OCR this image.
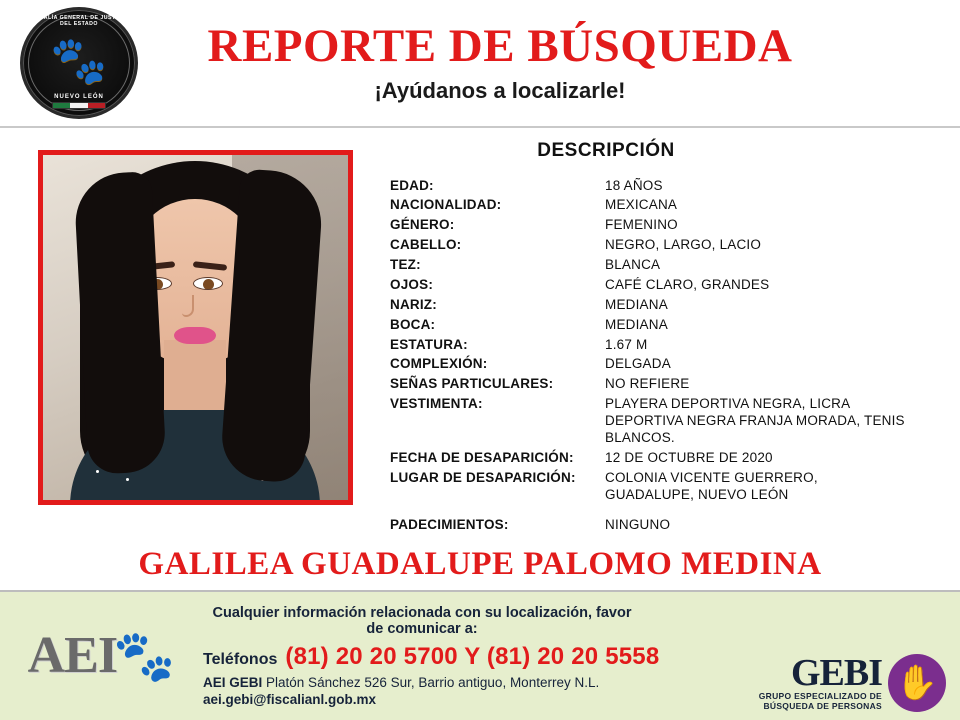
FISCALÍA GENERAL DE JUSTICIA DEL ESTADO
🐾
NUEVO LEÓN
REPORTE DE BÚSQUEDA
¡Ayúdanos a localizarle!
DESCRIPCIÓN
EDAD:	18 AÑOS
NACIONALIDAD:	MEXICANA
GÉNERO:	FEMENINO
CABELLO:	NEGRO, LARGO, LACIO
TEZ:	BLANCA
OJOS:	CAFÉ CLARO, GRANDES
NARIZ:	MEDIANA
BOCA:	MEDIANA
ESTATURA:	1.67 M
COMPLEXIÓN:	DELGADA
SEÑAS PARTICULARES:	NO REFIERE
VESTIMENTA:	PLAYERA DEPORTIVA NEGRA, LICRA DEPORTIVA NEGRA FRANJA MORADA, TENIS BLANCOS.
FECHA DE DESAPARICIÓN:	12 DE OCTUBRE DE 2020
LUGAR DE DESAPARICIÓN:	COLONIA VICENTE GUERRERO, GUADALUPE, NUEVO LEÓN

PADECIMIENTOS:	NINGUNO
GALILEA GUADALUPE PALOMO MEDINA
AEI
🐾
Cualquier información relacionada con su localización, favor de comunicar a:
Teléfonos (81) 20 20 5700 Y (81) 20 20 5558
AEI GEBI Platón Sánchez 526 Sur, Barrio antiguo, Monterrey N.L.
aei.gebi@fiscalianl.gob.mx
GEBI
GRUPO ESPECIALIZADO DE
BÚSQUEDA DE PERSONAS
✋
